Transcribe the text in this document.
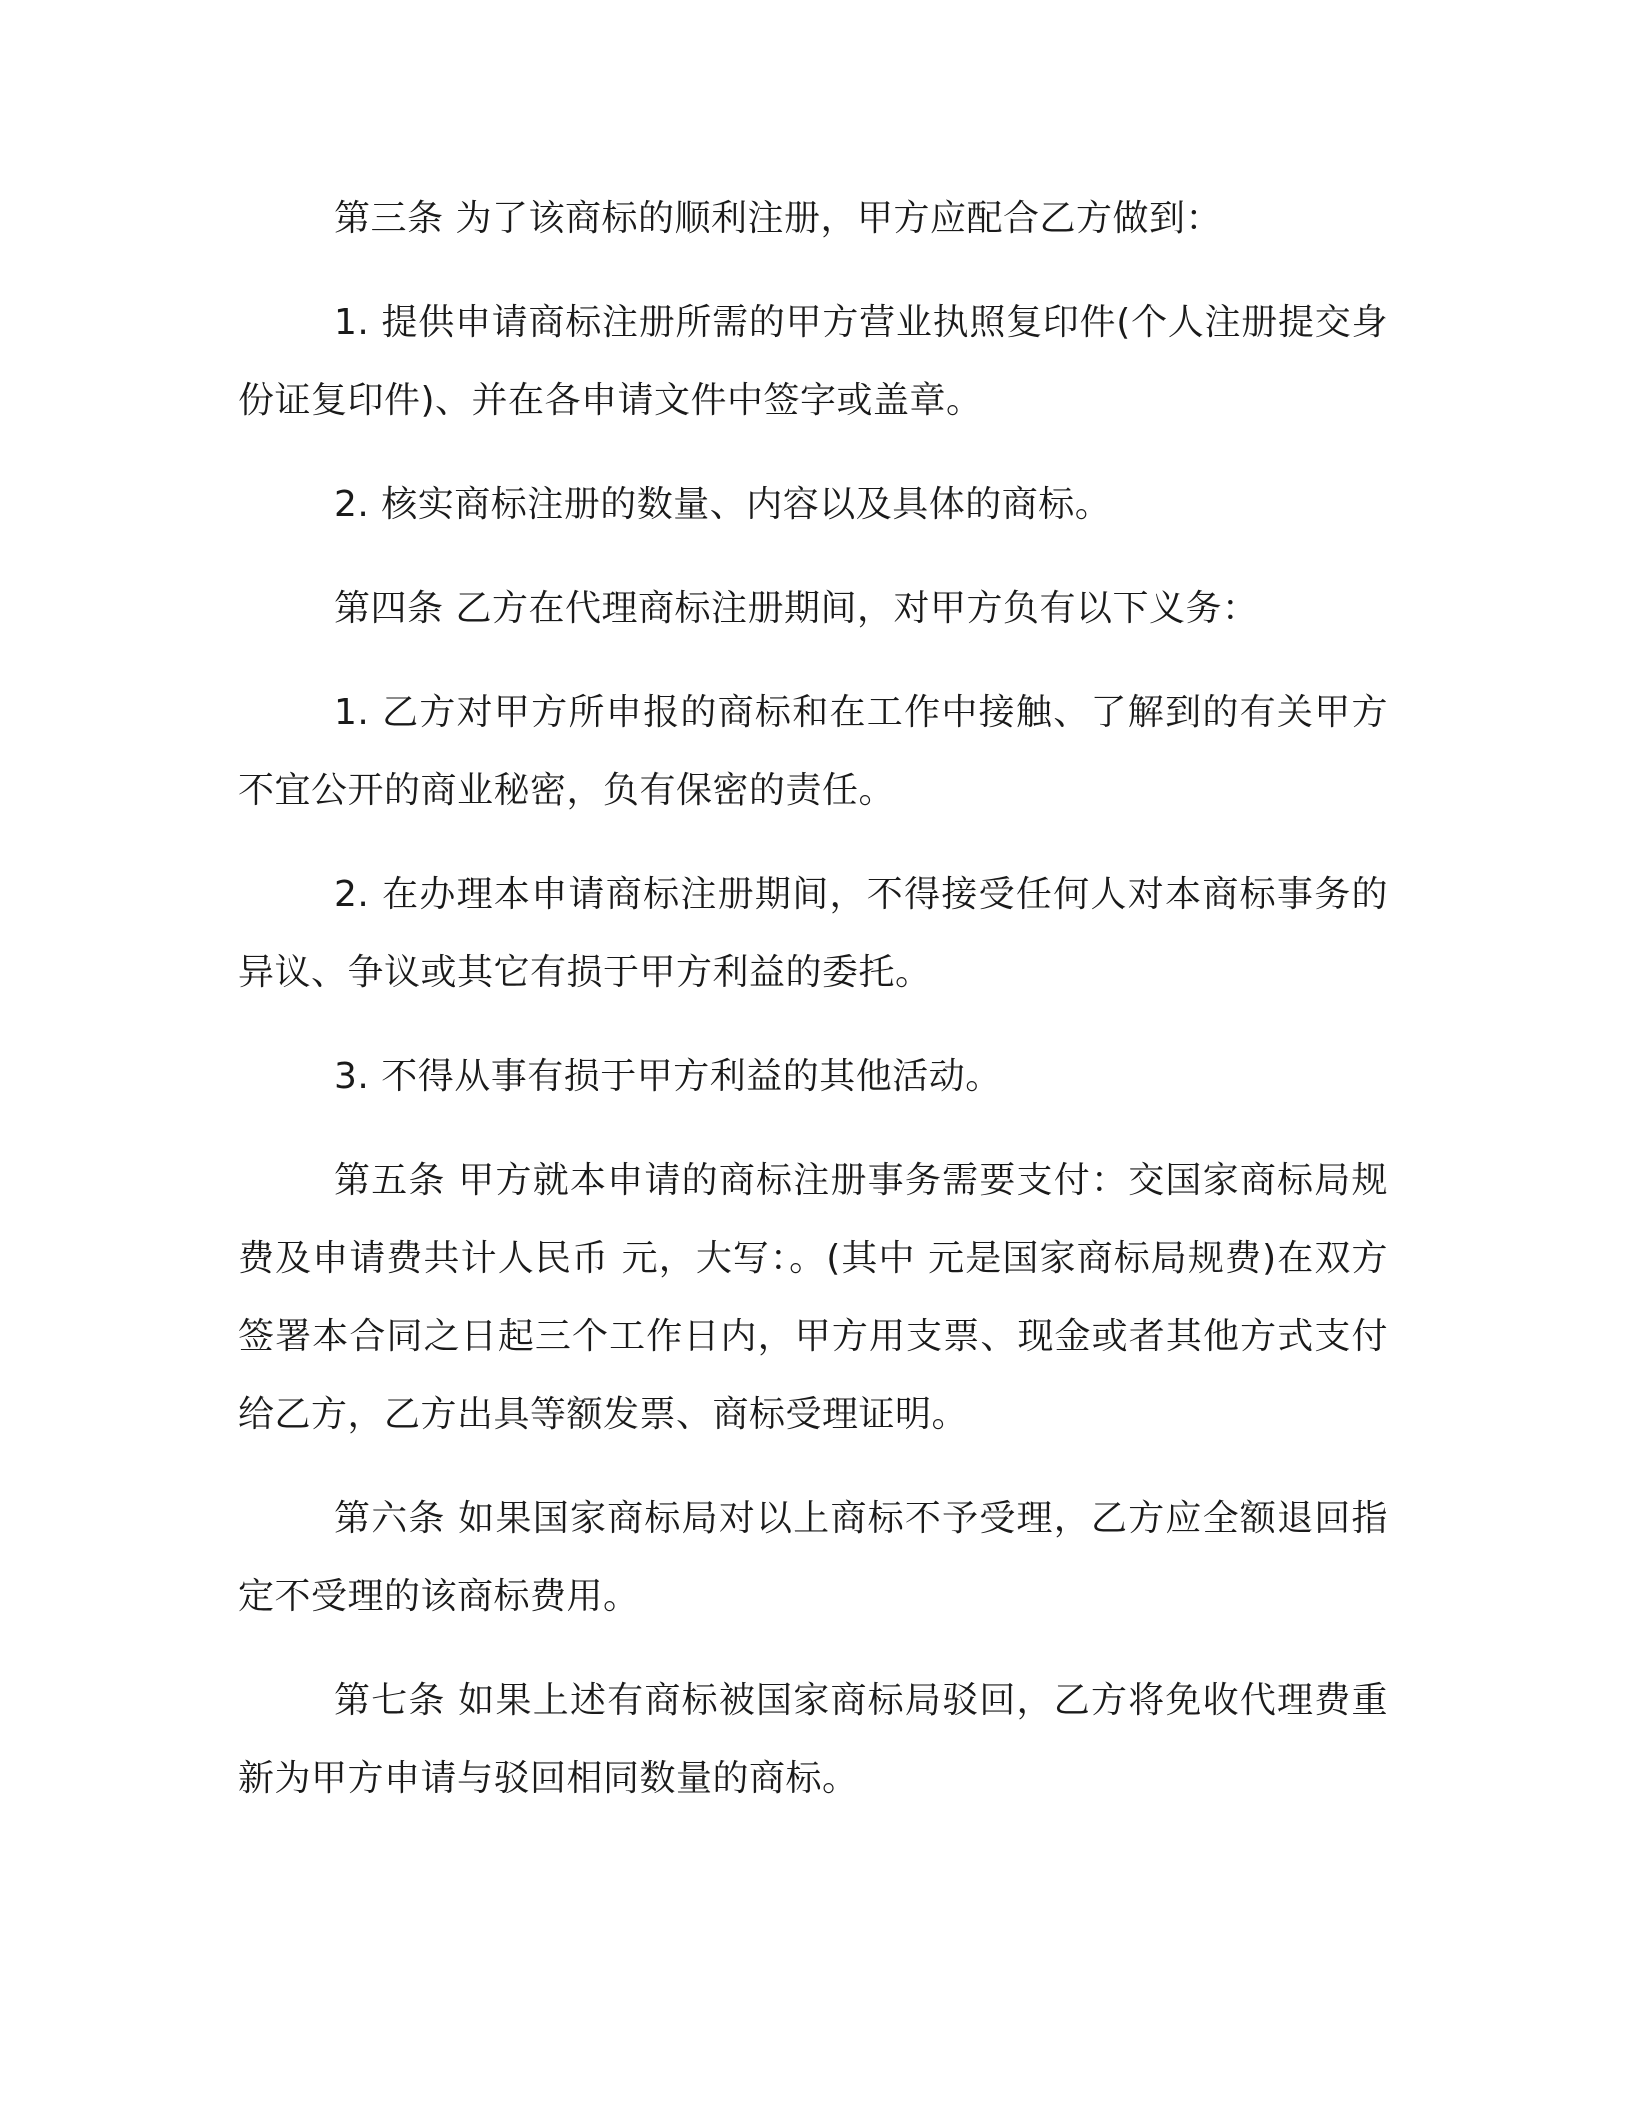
第三条 为了该商标的顺利注册，甲方应配合乙方做到：

1. 提供申请商标注册所需的甲方营业执照复印件(个人注册提交身份证复印件)、并在各申请文件中签字或盖章。

2. 核实商标注册的数量、内容以及具体的商标。

第四条 乙方在代理商标注册期间，对甲方负有以下义务：

1. 乙方对甲方所申报的商标和在工作中接触、了解到的有关甲方不宜公开的商业秘密，负有保密的责任。

2. 在办理本申请商标注册期间，不得接受任何人对本商标事务的异议、争议或其它有损于甲方利益的委托。

3. 不得从事有损于甲方利益的其他活动。

第五条 甲方就本申请的商标注册事务需要支付：交国家商标局规费及申请费共计人民币 元，大写：。(其中 元是国家商标局规费)在双方签署本合同之日起三个工作日内，甲方用支票、现金或者其他方式支付给乙方，乙方出具等额发票、商标受理证明。

第六条 如果国家商标局对以上商标不予受理，乙方应全额退回指定不受理的该商标费用。

第七条 如果上述有商标被国家商标局驳回，乙方将免收代理费重新为甲方申请与驳回相同数量的商标。
